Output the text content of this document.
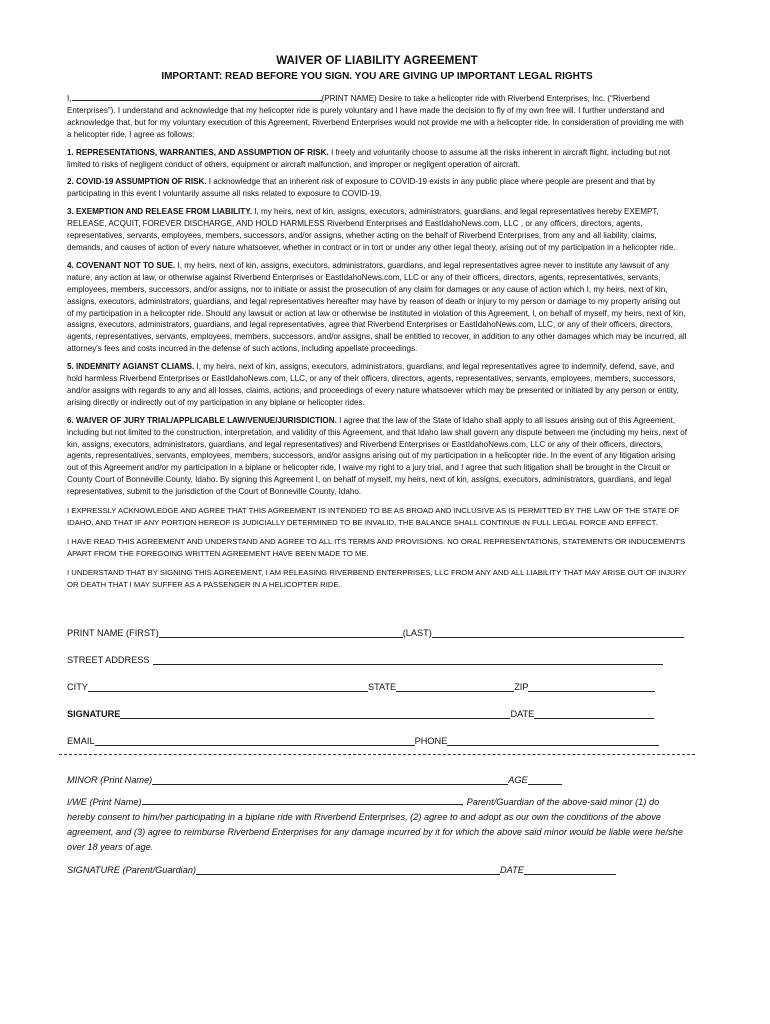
WAIVER OF LIABILITY AGREEMENT
IMPORTANT: READ BEFORE YOU SIGN. YOU ARE GIVING UP IMPORTANT LEGAL RIGHTS

I,	(PRINT NAME) Desire to take a helicopter ride with Riverbend Enterprises, Inc. (“Riverbend Enterprises”). I understand and acknowledge that my helicopter ride is purely voluntary and I have made the decision to fly of my own free will. I further understand and acknowledge that, but for my voluntary execution of this Agreement, Riverbend Enterprises would not provide me with a helicopter ride. In consideration of providing me with a helicopter ride, I agree as follows:

1. REPRESENTATIONS, WARRANTIES, AND ASSUMPTION OF RISK. I freely and voluntarily choose to assume all the risks inherent in aircraft flight, including but not limited to risks of negligent conduct of others, equipment or aircraft malfunction, and improper or negligent operation of aircraft.

2. COVID-19 ASSUMPTION OF RISK. I acknowledge that an inherent risk of exposure to COVID-19 exists in any public place where people are present and that by participating in this event I voluntarily assume all risks related to exposure to COVID-19.

3. EXEMPTION AND RELEASE FROM LIABILITY. I, my heirs, next of kin, assigns, executors, administrators, guardians, and legal representatives hereby EXEMPT, RELEASE, ACQUIT, FOREVER DISCHARGE, AND HOLD HARMLESS Riverbend Enterprises and EastIdahoNews.com, LLC , or any officers, directors, agents, representatives, servants, employees, members, successors, and/or assigns, whether acting on the behalf of Riverbend Enterprises, from any and all liability, claims, demands, and causes of action of every nature whatsoever, whether in contract or in tort or under any other legal theory, arising out of my participation in a helicopter ride.

4. COVENANT NOT TO SUE. I, my heirs, next of kin, assigns, executors, administrators, guardians, and legal representatives agree never to institute any lawsuit of any nature, any action at law, or otherwise against Riverbend Enterprises or EastIdahoNews.com, LLC or any of their officers, directors, agents, representatives, servants, employees, members, successors, and/or assigns, nor to initiate or assist the prosecution of any claim for damages or any cause of action which I, my heirs, next of kin, assigns, executors, administrators, guardians, and legal representatives hereafter may have by reason of death or injury to my person or damage to my property arising out of my participation in a helicopter ride. Should any lawsuit or action at law or otherwise be instituted in violation of this Agreement, I, on behalf of myself, my heirs, next of kin, assigns, executors, administrators, guardians, and legal representatives, agree that Riverbend Enterprises or EastIdahoNews.com, LLC, or any of their officers, directors, agents, representatives, servants, employees, members, successors, and/or assigns, shall be entitled to recover, in addition to any other damages which may be incurred, all attorney's fees and costs incurred in the defense of such actions, including appellate proceedings.

5. INDEMNITY AGIANST CLIAMS. I, my heirs, next of kin, assigns, executors, administrators, guardians, and legal representatives agree to indemnify, defend, save, and hold harmless Riverbend Enterprises or EastIdahoNews.com, LLC, or any of their officers, directors, agents, representatives, servants, employees, members, successors, and/or assigns with regards to any and all losses, claims, actions, and proceedings of every nature whatsoever which may be presented or initiated by any person or entity, arising directly or indirectly out of my participation in any biplane or helicopter rides.

6. WAIVER OF JURY TRIAL/APPLICABLE LAW/VENUE/JURISDICTION. I agree that the law of the State of Idaho shall apply to all issues arising out of this Agreement, including but not limited to the construction, interpretation, and validity of this Agreement, and that Idaho law shall govern any dispute between me (including my heirs, next of kin, assigns, executors, administrators, guardians, and legal representatives) and Riverbend Enterprises or EastIdahoNews.com, LLC or any of their officers, directors, agents, representatives, servants, employees, members, successors, and/or assigns arising out of my participation in a helicopter ride. In the event of any litigation arising out of this Agreement and/or my participation in a biplane or helicopter ride, I waive my right to a jury trial, and I agree that such litigation shall be brought in the Circuit or County Court of Bonneville County, Idaho. By signing this Agreement I, on behalf of myself, my heirs, next of kin, assigns, executors, administrators, guardians, and legal representatives, submit to the jurisdiction of the Court of Bonneville County, Idaho.

I EXPRESSLY ACKNOWLEDGE AND AGREE THAT THIS AGREEMENT IS INTENDED TO BE AS BROAD AND INCLUSIVE AS IS PERMITTED BY THE LAW OF THE STATE OF IDAHO, AND THAT IF ANY PORTION HEREOF IS JUDICIALLY DETERMINED TO BE INVALID, THE BALANCE SHALL CONTINUE IN FULL LEGAL FORCE AND EFFECT.

I HAVE READ THIS AGREEMENT AND UNDERSTAND AND AGREE TO ALL ITS TERMS AND PROVISIONS. NO ORAL REPRESENTATIONS, STATEMENTS OR INDUCEMENTS APART FROM THE FOREGOING WRITTEN AGREEMENT HAVE BEEN MADE TO ME.

I UNDERSTAND THAT BY SIGNING THIS AGREEMENT, I AM RELEASING RIVERBEND ENTERPRISES, LLC FROM ANY AND ALL LIABILITY THAT MAY ARISE OUT OF INJURY OR DEATH THAT I MAY SUFFER AS A PASSENGER IN A HELICOPTER RIDE.

PRINT NAME (FIRST)	(LAST)
STREET ADDRESS
CITY	STATE	ZIP
SIGNATURE	DATE
EMAIL	PHONE
MINOR (Print Name)	AGE

I/WE (Print Name)	, Parent/Guardian of the above-said minor (1) do hereby consent to him/her participating in a biplane ride with Riverbend Enterprises, (2) agree to and adopt as our own the conditions of the above agreement, and (3) agree to reimburse Riverbend Enterprises for any damage incurred by it for which the above said minor would be liable were he/she over 18 years of age.

SIGNATURE (Parent/Guardian)	DATE
